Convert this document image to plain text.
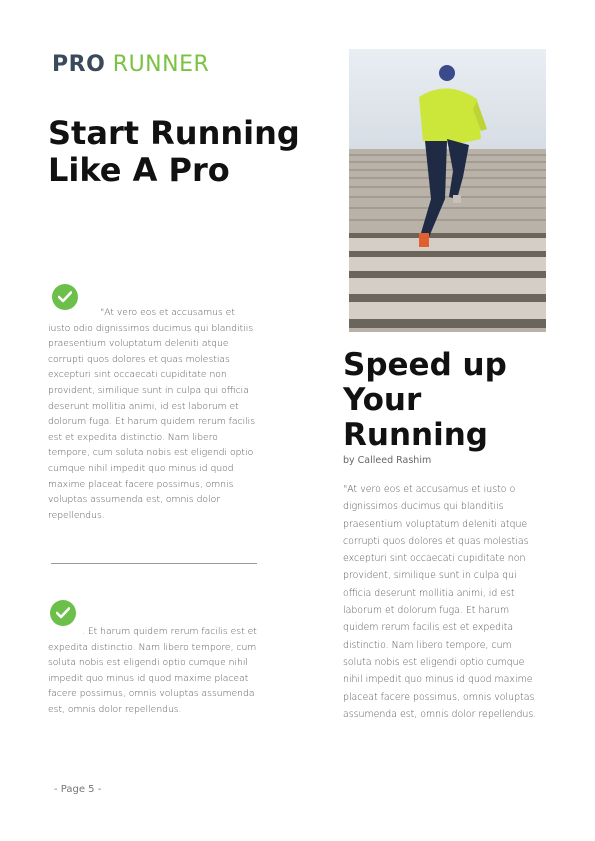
PRO RUNNER
Start Running Like A Pro

"At vero eos et accusamus et iusto odio dignissimos ducimus qui blanditiis praesentium voluptatum deleniti atque corrupti quos dolores et quas molestias excepturi sint occaecati cupiditate non provident, similique sunt in culpa qui officia deserunt mollitia animi, id est laborum et dolorum fuga. Et harum quidem rerum facilis est et expedita distinctio. Nam libero tempore, cum soluta nobis est eligendi optio cumque nihil impedit quo minus id quod maxime placeat facere possimus, omnis voluptas assumenda est, omnis dolor repellendus.

. Et harum quidem rerum facilis est et expedita distinctio. Nam libero tempore, cum soluta nobis est eligendi optio cumque nihil impedit quo minus id quod maxime placeat facere possimus, omnis voluptas assumenda est, omnis dolor repellendus.

Speed up Your Running
by Calleed Rashim

"At vero eos et accusamus et iusto o dignissimos ducimus qui blanditiis praesentium voluptatum deleniti atque corrupti quos dolores et quas molestias excepturi sint occaecati cupiditate non provident, similique sunt in culpa qui officia deserunt mollitia animi, id est laborum et dolorum fuga. Et harum quidem rerum facilis est et expedita distinctio. Nam libero tempore, cum soluta nobis est eligendi optio cumque nihil impedit quo minus id quod maxime placeat facere possimus, omnis voluptas assumenda est, omnis dolor repellendus.

- Page 5 -
